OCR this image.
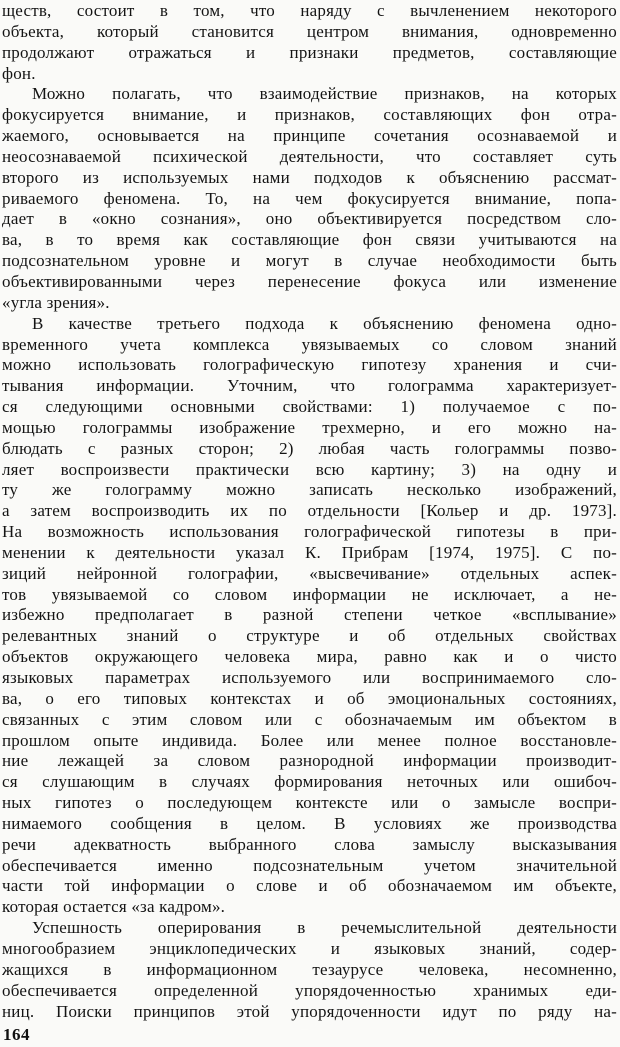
ществ, состоит в том, что наряду с вычленением некоторого
объекта, который становится центром внимания, одновременно
продолжают отражаться и признаки предметов, составляющие
фон.
Можно полагать, что взаимодействие признаков, на которых
фокусируется внимание, и признаков, составляющих фон отра-
жаемого, основывается на принципе сочетания осознаваемой и
неосознаваемой психической деятельности, что составляет суть
второго из используемых нами подходов к объяснению рассмат-
риваемого феномена. То, на чем фокусируется внимание, попа-
дает в «окно сознания», оно объективируется посредством сло-
ва, в то время как составляющие фон связи учитываются на
подсознательном уровне и могут в случае необходимости быть
объективированными через перенесение фокуса или изменение
«угла зрения».
В качестве третьего подхода к объяснению феномена одно-
временного учета комплекса увязываемых со словом знаний
можно использовать голографическую гипотезу хранения и счи-
тывания информации. Уточним, что голограмма характеризует-
ся следующими основными свойствами: 1) получаемое с по-
мощью голограммы изображение трехмерно, и его можно на-
блюдать с разных сторон; 2) любая часть голограммы позво-
ляет воспроизвести практически всю картину; 3) на одну и
ту же голограмму можно записать несколько изображений,
а затем воспроизводить их по отдельности [Кольер и др. 1973].
На возможность использования голографической гипотезы в при-
менении к деятельности указал К. Прибрам [1974, 1975]. С по-
зиций нейронной голографии, «высвечивание» отдельных аспек-
тов увязываемой со словом информации не исключает, а не-
избежно предполагает в разной степени четкое «всплывание»
релевантных знаний о структуре и об отдельных свойствах
объектов окружающего человека мира, равно как и о чисто
языковых параметрах используемого или воспринимаемого сло-
ва, о его типовых контекстах и об эмоциональных состояниях,
связанных с этим словом или с обозначаемым им объектом в
прошлом опыте индивида. Более или менее полное восстановле-
ние лежащей за словом разнородной информации производит-
ся слушающим в случаях формирования неточных или ошибоч-
ных гипотез о последующем контексте или о замысле воспри-
нимаемого сообщения в целом. В условиях же производства
речи адекватность выбранного слова замыслу высказывания
обеспечивается именно подсознательным учетом значительной
части той информации о слове и об обозначаемом им объекте,
которая остается «за кадром».
Успешность оперирования в речемыслительной деятельности
многообразием энциклопедических и языковых знаний, содер-
жащихся в информационном тезаурусе человека, несомненно,
обеспечивается определенной упорядоченностью хранимых еди-
ниц. Поиски принципов этой упорядоченности идут по ряду на-
164
